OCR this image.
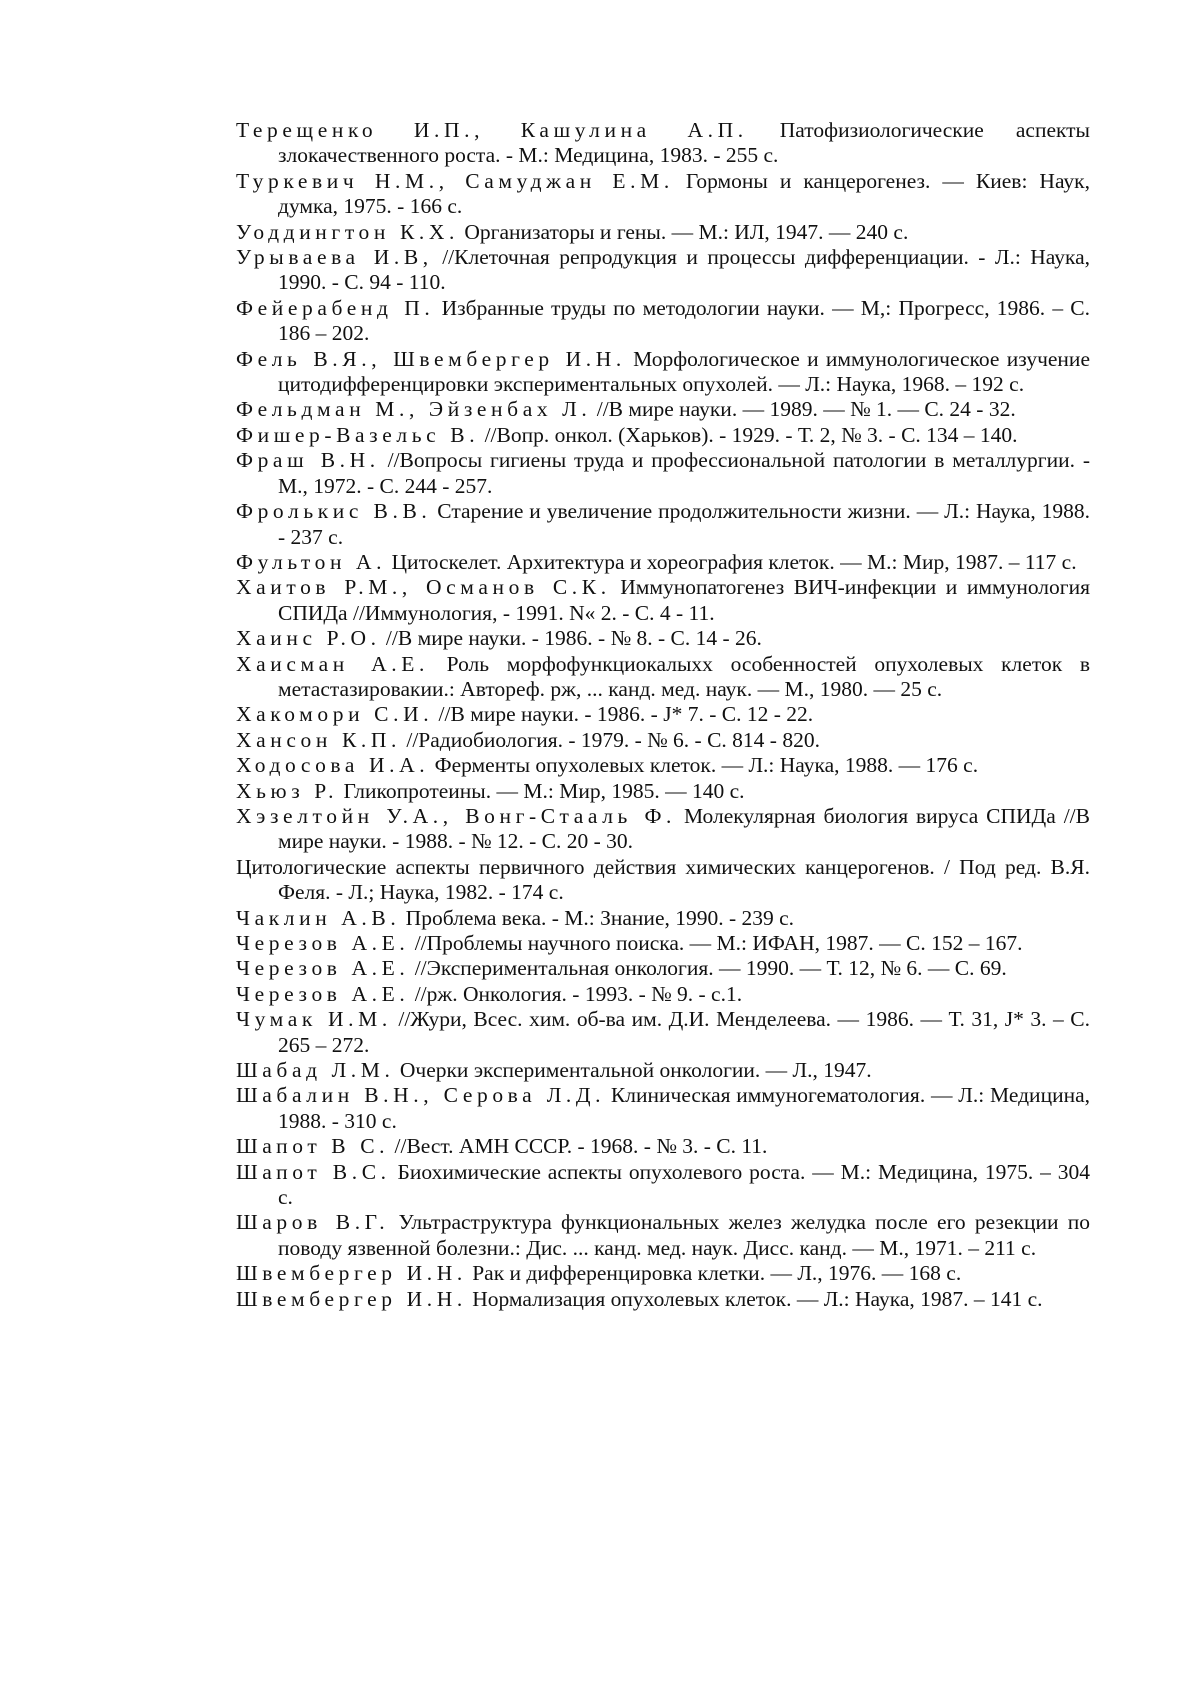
Терещенко И.П., Кашулина А.П. Патофизиологические аспекты злокачественного роста. - М.: Медицина, 1983. - 255 с.
Туркевич Н.М., Самуджан Е.М. Гормоны и канцерогенез. — Киев: Наук, думка, 1975. - 166 с.
Уоддингтон К.Х. Организаторы и гены. — М.: ИЛ, 1947. — 240 с.
Урываева И.В, //Клеточная репродукция и процессы дифференциации. - Л.: Наука, 1990. - С. 94 - 110.
Фейерабенд П. Избранные труды по методологии науки. — М,: Прогресс, 1986. – С. 186 – 202.
Фель В.Я., Швембергер И.Н. Морфологическое и иммунологическое изучение цитодифференцировки экспериментальных опухолей. — Л.: Наука, 1968. – 192 с.
Фельдман М., Эйзенбах Л. //В мире науки. — 1989. — № 1. — С. 24 - 32.
Фишер-Вазельс В. //Вопр. онкол. (Харьков). - 1929. - Т. 2, № 3. - С. 134 – 140.
Фраш В.Н. //Вопросы гигиены труда и профессиональной патологии в металлургии. - М., 1972. - С. 244 - 257.
Фролькис В.В. Старение и увеличение продолжительности жизни. — Л.: Наука, 1988. - 237 с.
Фультон А. Цитоскелет. Архитектура и хореография клеток. — М.: Мир, 1987. – 117 с.
Хаитов Р.М., Османов С.К. Иммунопатогенез ВИЧ-инфекции и иммунология СПИДа //Иммунология, - 1991. N« 2. - С. 4 - 11.
Хаинс Р.О. //В мире науки. - 1986. - № 8. - С. 14 - 26.
Хаисман А.Е. Роль морфофункциокалыхх особенностей опухолевых клеток в метастазировакии.: Автореф. рж, ... канд. мед. наук. — М., 1980. — 25 с.
Хакомори С.И. //В мире науки. - 1986. - J* 7. - С. 12 - 22.
Хансон К.П. //Радиобиология. - 1979. - № 6. - С. 814 - 820.
Ходосова И.А. Ферменты опухолевых клеток. — Л.: Наука, 1988. — 176 с.
Хьюз Р. Гликопротеины. — М.: Мир, 1985. — 140 с.
Хэзелтойн У.А., Вонг-Стааль Ф. Молекулярная биология вируса СПИДа //В мире науки. - 1988. - № 12. - С. 20 - 30.
Цитологические аспекты первичного действия химических канцерогенов. / Под ред. В.Я. Феля. - Л.; Наука, 1982. - 174 с.
Чаклин А.В. Проблема века. - М.: Знание, 1990. - 239 с.
Черезов А.Е. //Проблемы научного поиска. — М.: ИФАН, 1987. — С. 152 – 167.
Черезов А.Е. //Экспериментальная онкология. — 1990. — Т. 12, № 6. — С. 69.
Черезов А.Е. //рж. Онкология. - 1993. - № 9. - с.1.
Чумак И.М. //Жури, Всес. хим. об-ва им. Д.И. Менделеева. — 1986. — Т. 31, J* 3. – С. 265 – 272.
Шабад Л.М. Очерки экспериментальной онкологии. — Л., 1947.
Шабалин В.Н., Серова Л.Д. Клиническая иммуногематология. — Л.: Медицина, 1988. - 310 с.
Шапот В С. //Вест. АМН СССР. - 1968. - № 3. - С. 11.
Шапот В.С. Биохимические аспекты опухолевого роста. — М.: Медицина, 1975. – 304 с.
Шаров В.Г. Ультраструктура функциональных желез желудка после его резекции по поводу язвенной болезни.: Дис. ... канд. мед. наук. Дисс. канд. — М., 1971. – 211 с.
Швембергер И.Н. Рак и дифференцировка клетки. — Л., 1976. — 168 с.
Швембергер И.Н. Нормализация опухолевых клеток. — Л.: Наука, 1987. – 141 с.
